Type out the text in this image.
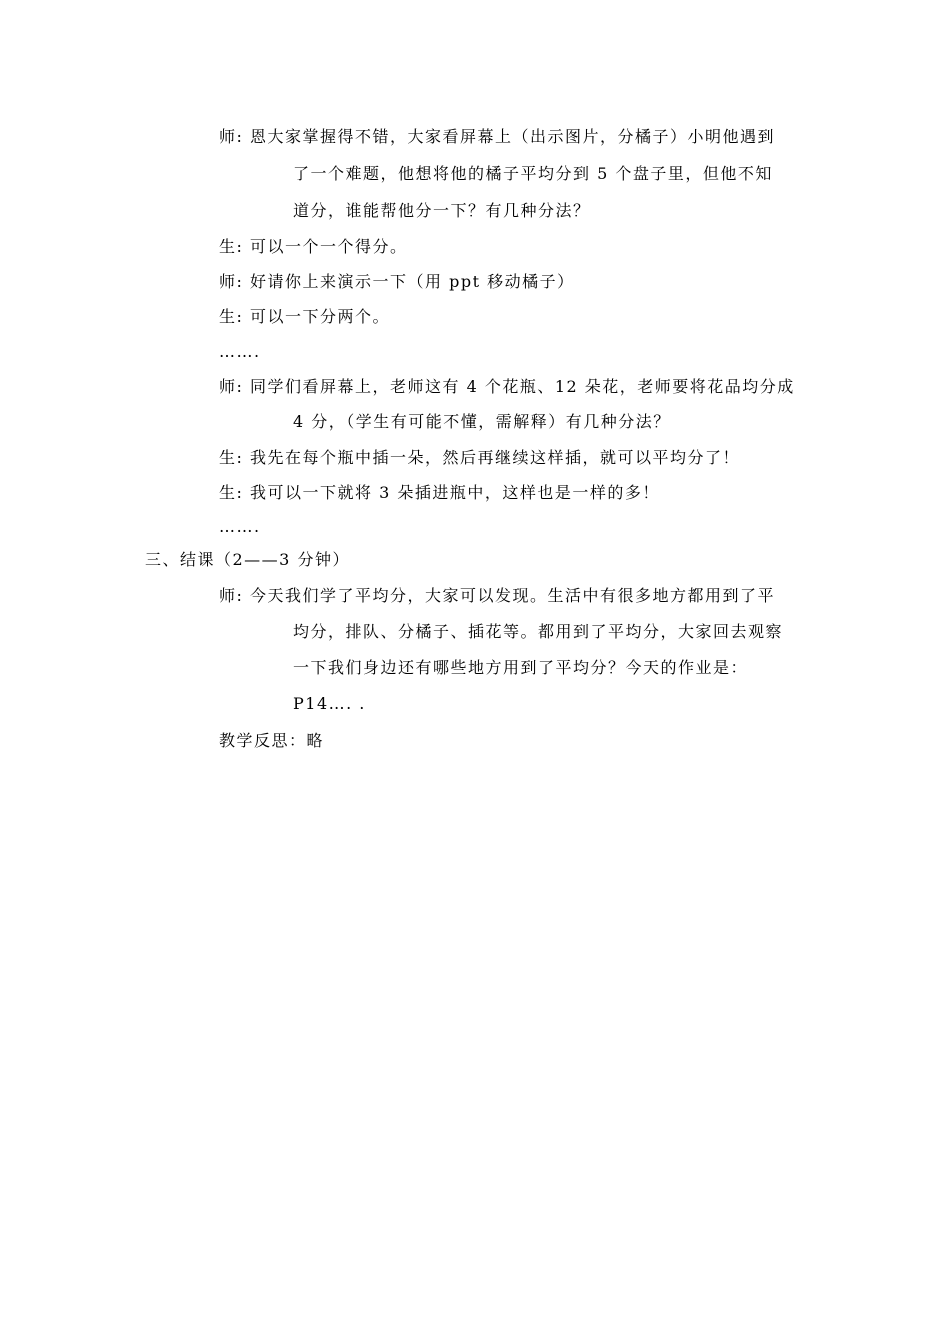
师: 恩大家掌握得不错，大家看屏幕上（出示图片，分橘子）小明他遇到
了一个难题，他想将他的橘子平均分到 5 个盘子里，但他不知
道分，谁能帮他分一下？有几种分法？
生: 可以一个一个得分。
师: 好请你上来演示一下（用 ppt 移动橘子）
生: 可以一下分两个。
…….
师: 同学们看屏幕上，老师这有 4 个花瓶、12 朵花，老师要将花品均分成
4 分，（学生有可能不懂，需解释）有几种分法？
生: 我先在每个瓶中插一朵，然后再继续这样插，就可以平均分了！
生: 我可以一下就将 3 朵插进瓶中，这样也是一样的多！
…….
三、结课（2——3 分钟）
师: 今天我们学了平均分，大家可以发现。生活中有很多地方都用到了平
均分，排队、分橘子、插花等。都用到了平均分，大家回去观察
一下我们身边还有哪些地方用到了平均分？今天的作业是：
P14…. .
教学反思：略
